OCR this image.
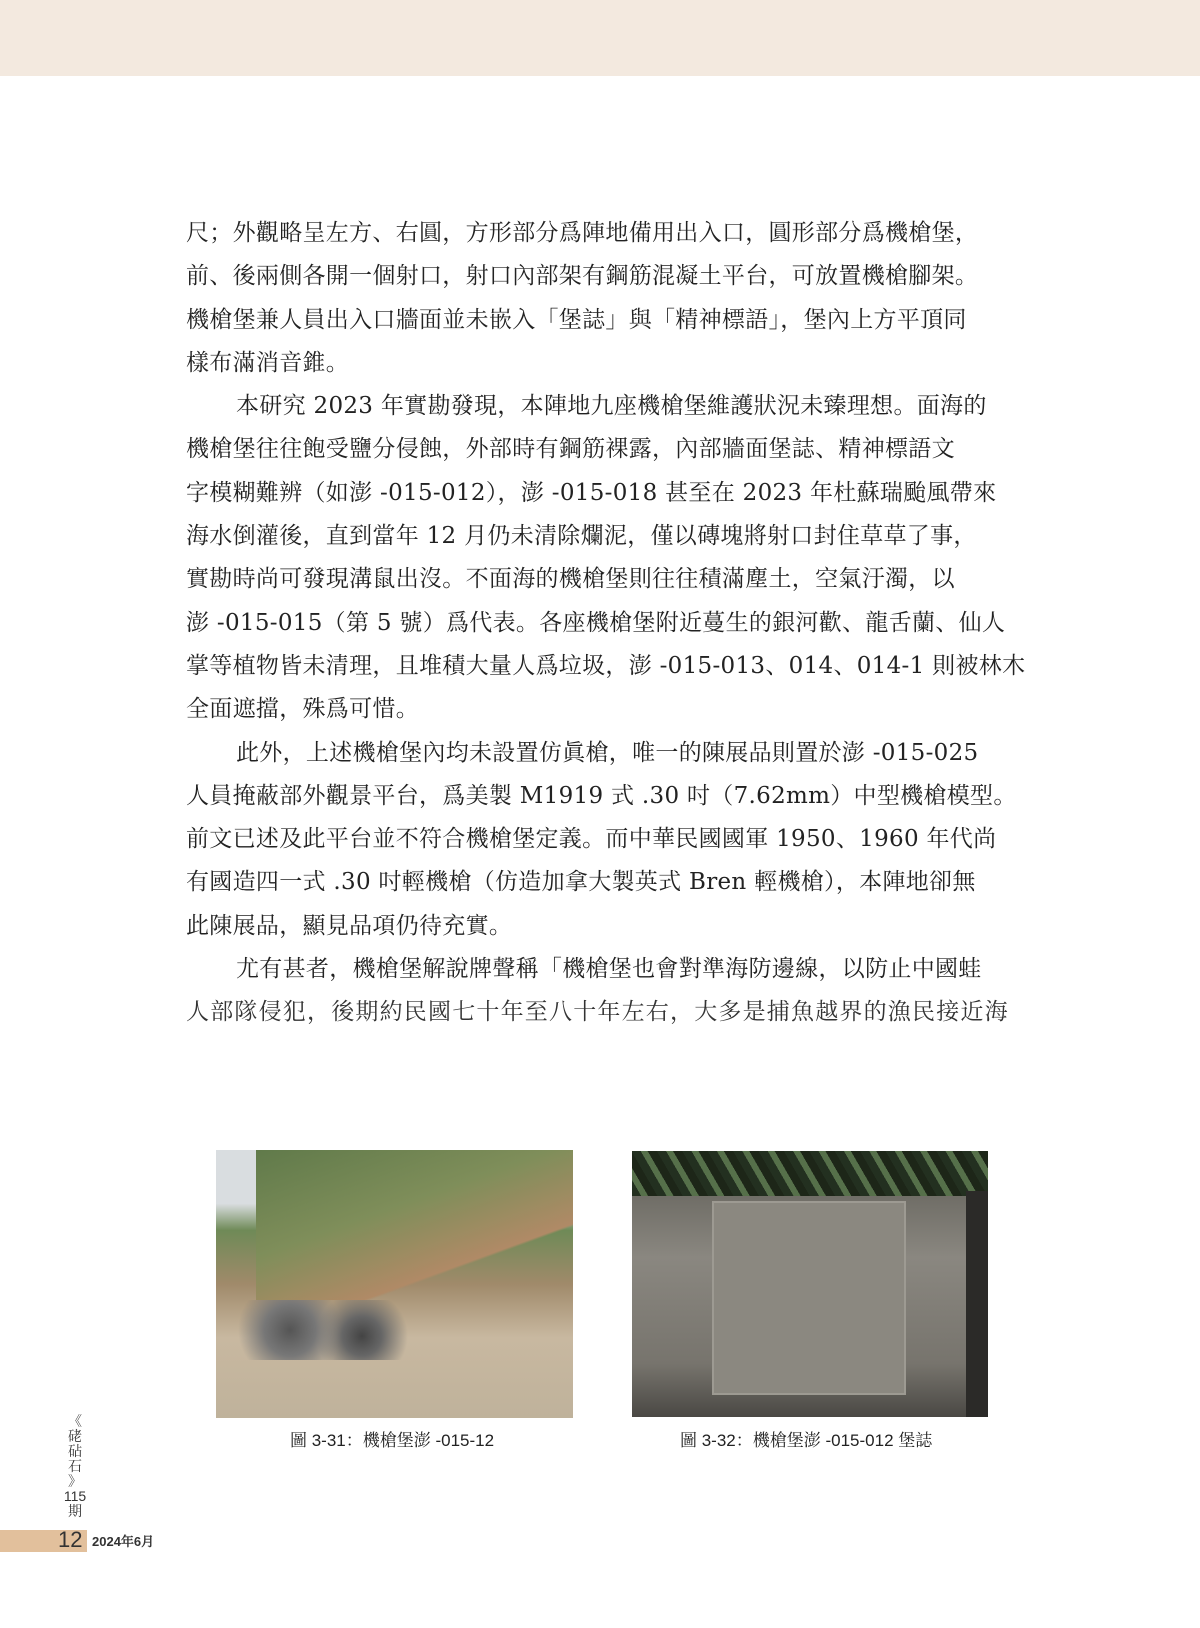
尺；外觀略呈左方、右圓，方形部分爲陣地備用出入口，圓形部分爲機槍堡，
前、後兩側各開一個射口，射口內部架有鋼筋混凝土平台，可放置機槍腳架。
機槍堡兼人員出入口牆面並未嵌入「堡誌」與「精神標語」，堡內上方平頂同
樣布滿消音錐。
本研究 2023 年實勘發現，本陣地九座機槍堡維護狀況未臻理想。面海的
機槍堡往往飽受鹽分侵蝕，外部時有鋼筋裸露，內部牆面堡誌、精神標語文
字模糊難辨（如澎 -015-012），澎 -015-018 甚至在 2023 年杜蘇瑞颱風帶來
海水倒灌後，直到當年 12 月仍未清除爛泥，僅以磚塊將射口封住草草了事，
實勘時尚可發現溝鼠出沒。不面海的機槍堡則往往積滿塵土，空氣汙濁，以
澎 -015-015（第 5 號）爲代表。各座機槍堡附近蔓生的銀河歡、龍舌蘭、仙人
掌等植物皆未清理，且堆積大量人爲垃圾，澎 -015-013、014、014-1 則被林木
全面遮擋，殊爲可惜。
此外，上述機槍堡內均未設置仿眞槍，唯一的陳展品則置於澎 -015-025
人員掩蔽部外觀景平台，爲美製 M1919 式 .30 吋（7.62mm）中型機槍模型。
前文已述及此平台並不符合機槍堡定義。而中華民國國軍 1950、1960 年代尚
有國造四一式 .30 吋輕機槍（仿造加拿大製英式 Bren 輕機槍），本陣地卻無
此陳展品，顯見品項仍待充實。
尤有甚者，機槍堡解說牌聲稱「機槍堡也會對準海防邊線，以防止中國蛙
人部隊侵犯，後期約民國七十年至八十年左右，大多是捕魚越界的漁民接近海
圖 3-31：機槍堡澎 -015-12	圖 3-32：機槍堡澎 -015-012 堡誌
《
硓
砧
石
》
115
期
12 2024年6月
